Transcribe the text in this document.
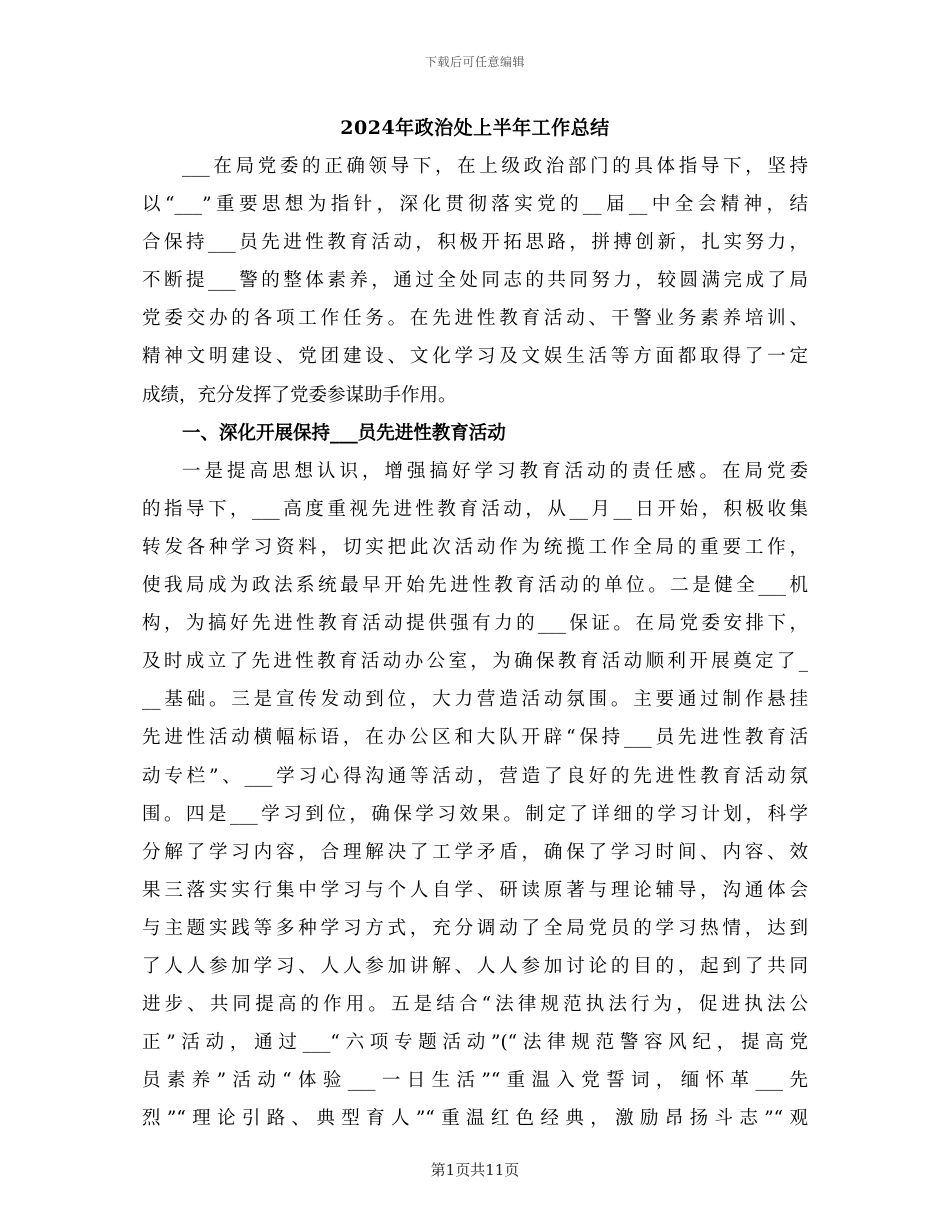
下载后可任意编辑
2024年政治处上半年工作总结
___在局党委的正确领导下，在上级政治部门的具体指导下，坚持
以“___”重要思想为指针，深化贯彻落实党的__届__中全会精神，结
合保持___员先进性教育活动，积极开拓思路，拼搏创新，扎实努力，
不断提___警的整体素养，通过全处同志的共同努力，较圆满完成了局
党委交办的各项工作任务。在先进性教育活动、干警业务素养培训、
精神文明建设、党团建设、文化学习及文娱生活等方面都取得了一定
成绩，充分发挥了党委参谋助手作用。
一、深化开展保持___员先进性教育活动
一是提高思想认识，增强搞好学习教育活动的责任感。在局党委
的指导下，___高度重视先进性教育活动，从__月__日开始，积极收集
转发各种学习资料，切实把此次活动作为统揽工作全局的重要工作，
使我局成为政法系统最早开始先进性教育活动的单位。二是健全___机
构，为搞好先进性教育活动提供强有力的___保证。在局党委安排下，
及时成立了先进性教育活动办公室，为确保教育活动顺利开展奠定了_
__基础。三是宣传发动到位，大力营造活动氛围。主要通过制作悬挂
先进性活动横幅标语，在办公区和大队开辟“保持___员先进性教育活
动专栏”、___学习心得沟通等活动，营造了良好的先进性教育活动氛
围。四是___学习到位，确保学习效果。制定了详细的学习计划，科学
分解了学习内容，合理解决了工学矛盾，确保了学习时间、内容、效
果三落实实行集中学习与个人自学、研读原著与理论辅导，沟通体会
与主题实践等多种学习方式，充分调动了全局党员的学习热情，达到
了人人参加学习、人人参加讲解、人人参加讨论的目的，起到了共同
进步、共同提高的作用。五是结合“法律规范执法行为，促进执法公
正”活动，通过___“六项专题活动”(“法律规范警容风纪，提高党
员素养”活动“体验___一日生活”“重温入党誓词，缅怀革___先
烈”“理论引路、典型育人”“重温红色经典，激励昂扬斗志”“观
第1页共11页
